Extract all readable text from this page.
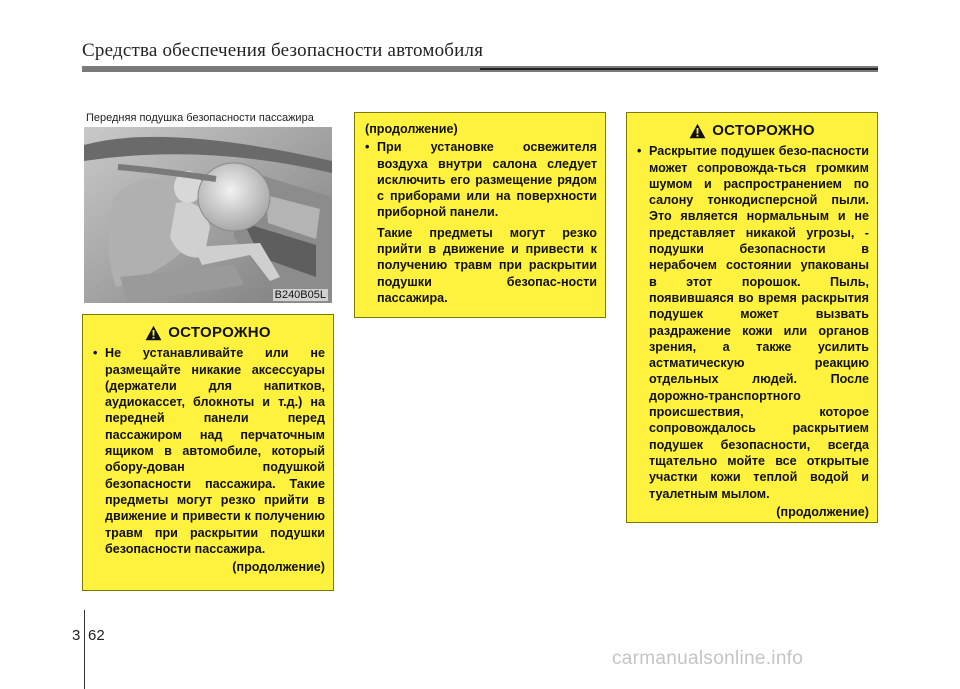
Средства обеспечения безопасности автомобиля
Передняя подушка безопасности пассажира
B240B05L
ОСТОРОЖНО
• Не устанавливайте или не размещайте никакие аксессуары (держатели для напитков, аудиокассет, блокноты и т.д.) на передней панели перед пассажиром над перчаточным ящиком в автомобиле, который обору-дован подушкой безопасности пассажира. Такие предметы могут резко прийти в движение и привести к получению травм при раскрытии подушки безопасности пассажира.
(продолжение)
(продолжение)
• При установке освежителя воздуха внутри салона следует исключить его размещение рядом с приборами или на поверхности приборной панели.
Такие предметы могут резко прийти в движение и привести к получению травм при раскрытии подушки безопас-ности пассажира.
ОСТОРОЖНО
• Раскрытие подушек безо-пасности может сопровожда-ться громким шумом и распространением по салону тонкодисперсной пыли. Это является нормальным и не представляет никакой угрозы, - подушки безопасности в нерабочем состоянии упакованы в этот порошок. Пыль, появившаяся во время раскрытия подушек может вызвать раздражение кожи или органов зрения, а также усилить астматическую реакцию отдельных людей. После дорожно-транспортного происшествия, которое сопровождалось раскрытием подушек безопасности, всегда тщательно мойте все открытые участки кожи теплой водой и туалетным мылом.
(продолжение)
3 62
carmanualsonline.info
